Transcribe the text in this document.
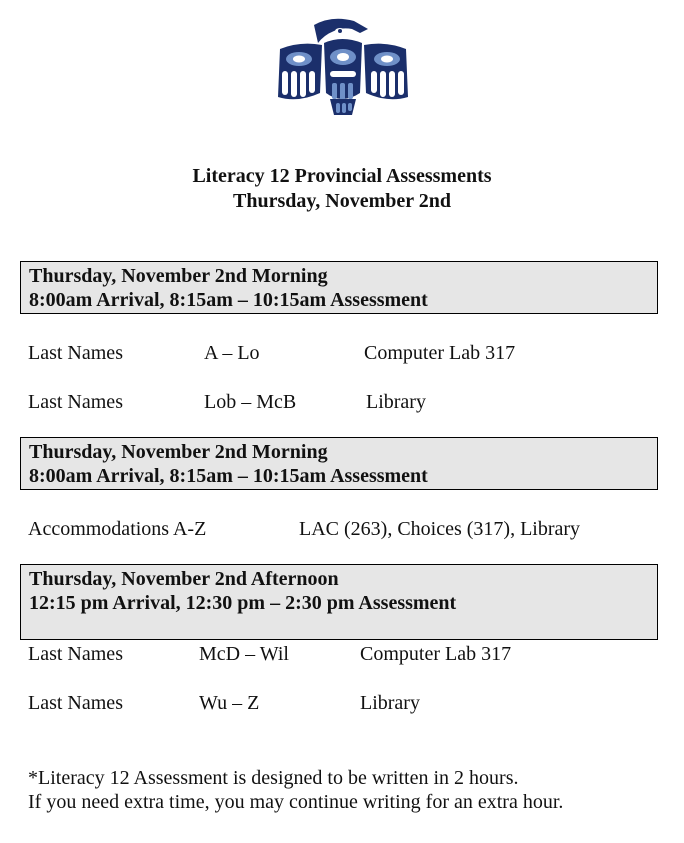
Literacy 12 Provincial Assessments
Thursday, November 2nd
Thursday, November 2nd Morning
8:00am Arrival, 8:15am – 10:15am Assessment
Last Names	A – Lo	Computer Lab 317
Last Names	Lob – McB	Library
Thursday, November 2nd Morning
8:00am Arrival, 8:15am – 10:15am Assessment
Accommodations A-Z	LAC (263), Choices (317), Library
Thursday, November 2nd Afternoon
12:15 pm Arrival, 12:30 pm – 2:30 pm Assessment
Last Names	McD – Wil	Computer Lab 317
Last Names	Wu – Z	Library
*Literacy 12 Assessment is designed to be written in 2 hours.
If you need extra time, you may continue writing for an extra hour.
